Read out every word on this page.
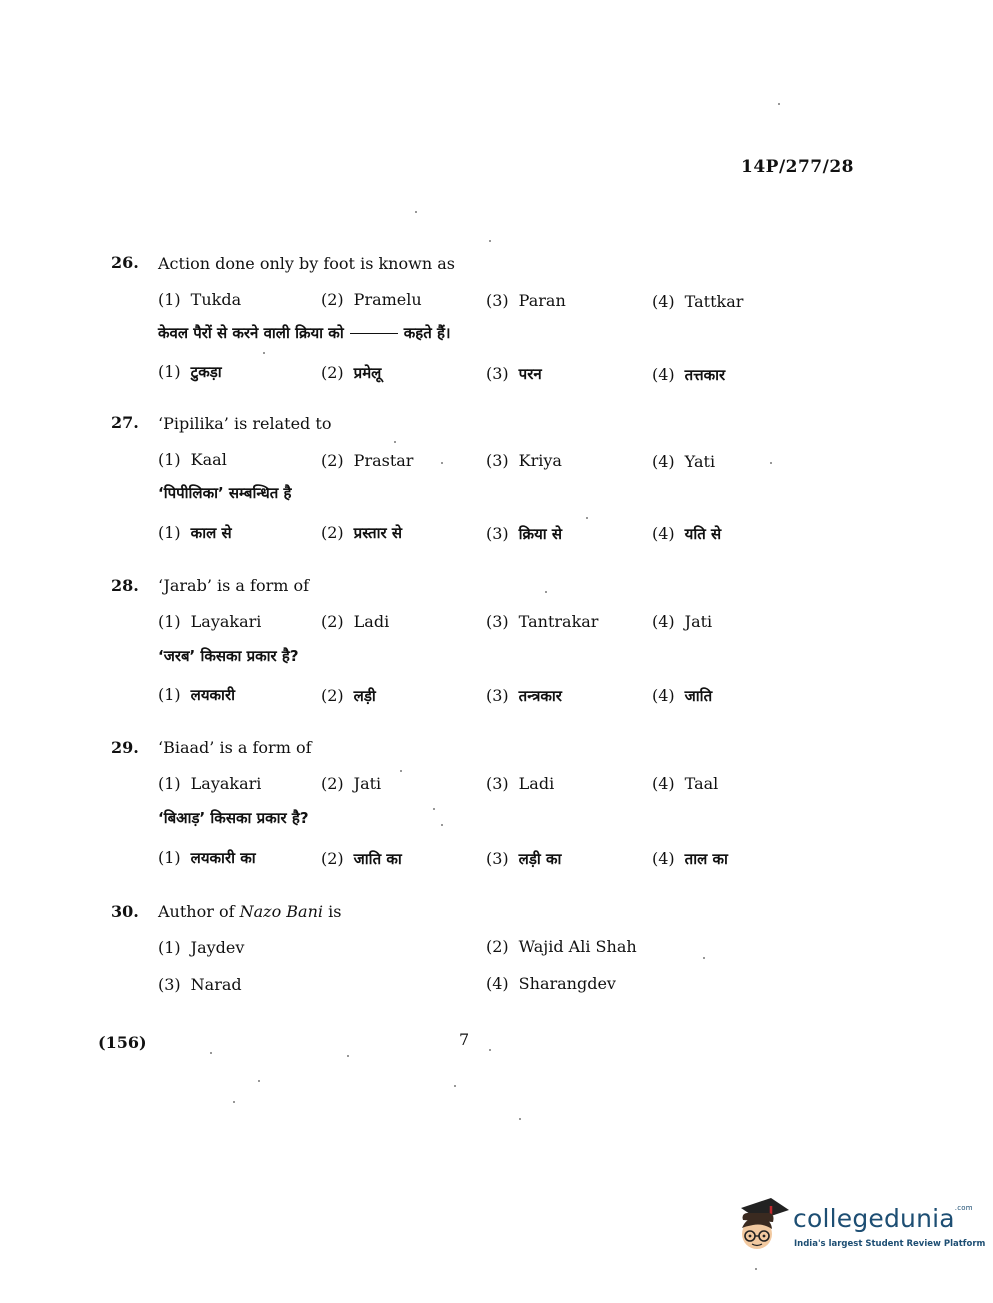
14P/277/28
26. Action done only by foot is known as
(1) Tukda	(2) Pramelu	(3) Paran	(4) Tattkar
केवल पैरों से करने वाली क्रिया को	कहते हैं।
(1) टुकड़ा	(2) प्रमेलू	(3) परन	(4) तत्तकार
27. ‘Pipilika’ is related to
(1) Kaal	(2) Prastar	(3) Kriya	(4) Yati
‘पिपीलिका’ सम्बन्धित है
(1) काल से	(2) प्रस्तार से	(3) क्रिया से	(4) यति से
28. ‘Jarab’ is a form of
(1) Layakari	(2) Ladi	(3) Tantrakar	(4) Jati
‘जरब’ किसका प्रकार है?
(1) लयकारी	(2) लड़ी	(3) तन्त्रकार	(4) जाति
29. ‘Biaad’ is a form of
(1) Layakari	(2) Jati	(3) Ladi	(4) Taal
‘बिआड़’ किसका प्रकार है?
(1) लयकारी का	(2) जाति का	(3) लड़ी का	(4) ताल का
30. Author of Nazo Bani is
(1) Jaydev	(2) Wajid Ali Shah
(3) Narad	(4) Sharangdev
(156)	7
collegedunia$^{.com}$
India's largest Student Review Platform
